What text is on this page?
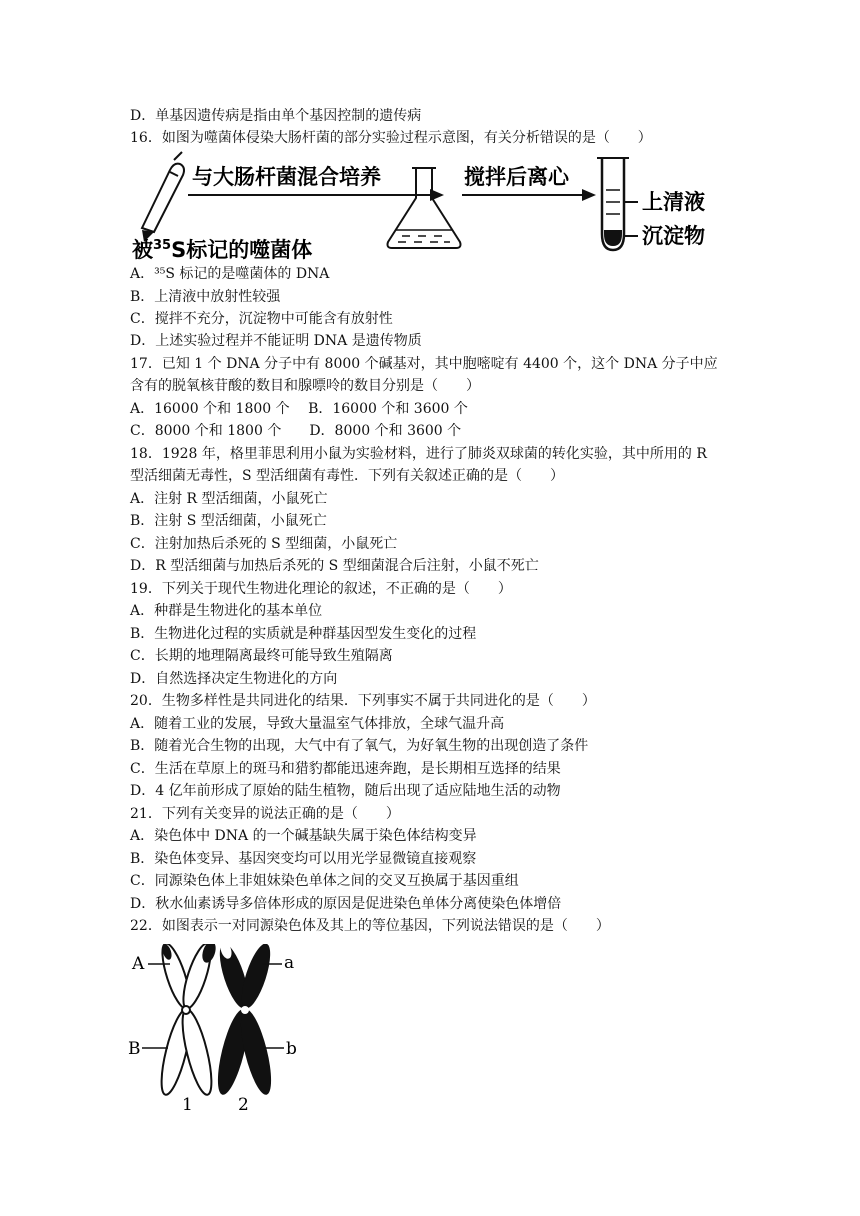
D．单基因遗传病是指由单个基因控制的遗传病
16．如图为噬菌体侵染大肠杆菌的部分实验过程示意图，有关分析错误的是（　　）
与大肠杆菌混合培养	搅拌后离心
上清液
沉淀物
被$^{35}$S标记的噬菌体
A．³⁵S 标记的是噬菌体的 DNA
B．上清液中放射性较强
C．搅拌不充分，沉淀物中可能含有放射性
D．上述实验过程并不能证明 DNA 是遗传物质
17．已知 1 个 DNA 分子中有 8000 个碱基对，其中胞嘧啶有 4400 个，这个 DNA 分子中应
含有的脱氧核苷酸的数目和腺嘌呤的数目分别是（　　）
A．16000 个和 1800 个　 B．16000 个和 3600 个
C．8000 个和 1800 个　　D．8000 个和 3600 个
18．1928 年，格里菲思利用小鼠为实验材料，进行了肺炎双球菌的转化实验，其中所用的 R
型活细菌无毒性，S 型活细菌有毒性．下列有关叙述正确的是（　　）
A．注射 R 型活细菌，小鼠死亡
B．注射 S 型活细菌，小鼠死亡
C．注射加热后杀死的 S 型细菌，小鼠死亡
D．R 型活细菌与加热后杀死的 S 型细菌混合后注射，小鼠不死亡
19．下列关于现代生物进化理论的叙述，不正确的是（　　）
A．种群是生物进化的基本单位
B．生物进化过程的实质就是种群基因型发生变化的过程
C．长期的地理隔离最终可能导致生殖隔离
D．自然选择决定生物进化的方向
20．生物多样性是共同进化的结果．下列事实不属于共同进化的是（　　）
A．随着工业的发展，导致大量温室气体排放，全球气温升高
B．随着光合生物的出现，大气中有了氧气，为好氧生物的出现创造了条件
C．生活在草原上的斑马和猎豹都能迅速奔跑，是长期相互选择的结果
D．4 亿年前形成了原始的陆生植物，随后出现了适应陆地生活的动物
21．下列有关变异的说法正确的是（　　）
A．染色体中 DNA 的一个碱基缺失属于染色体结构变异
B．染色体变异、基因突变均可以用光学显微镜直接观察
C．同源染色体上非姐妹染色单体之间的交叉互换属于基因重组
D．秋水仙素诱导多倍体形成的原因是促进染色单体分离使染色体增倍
22．如图表示一对同源染色体及其上的等位基因，下列说法错误的是（　　）
A
B
a
b
1	2
